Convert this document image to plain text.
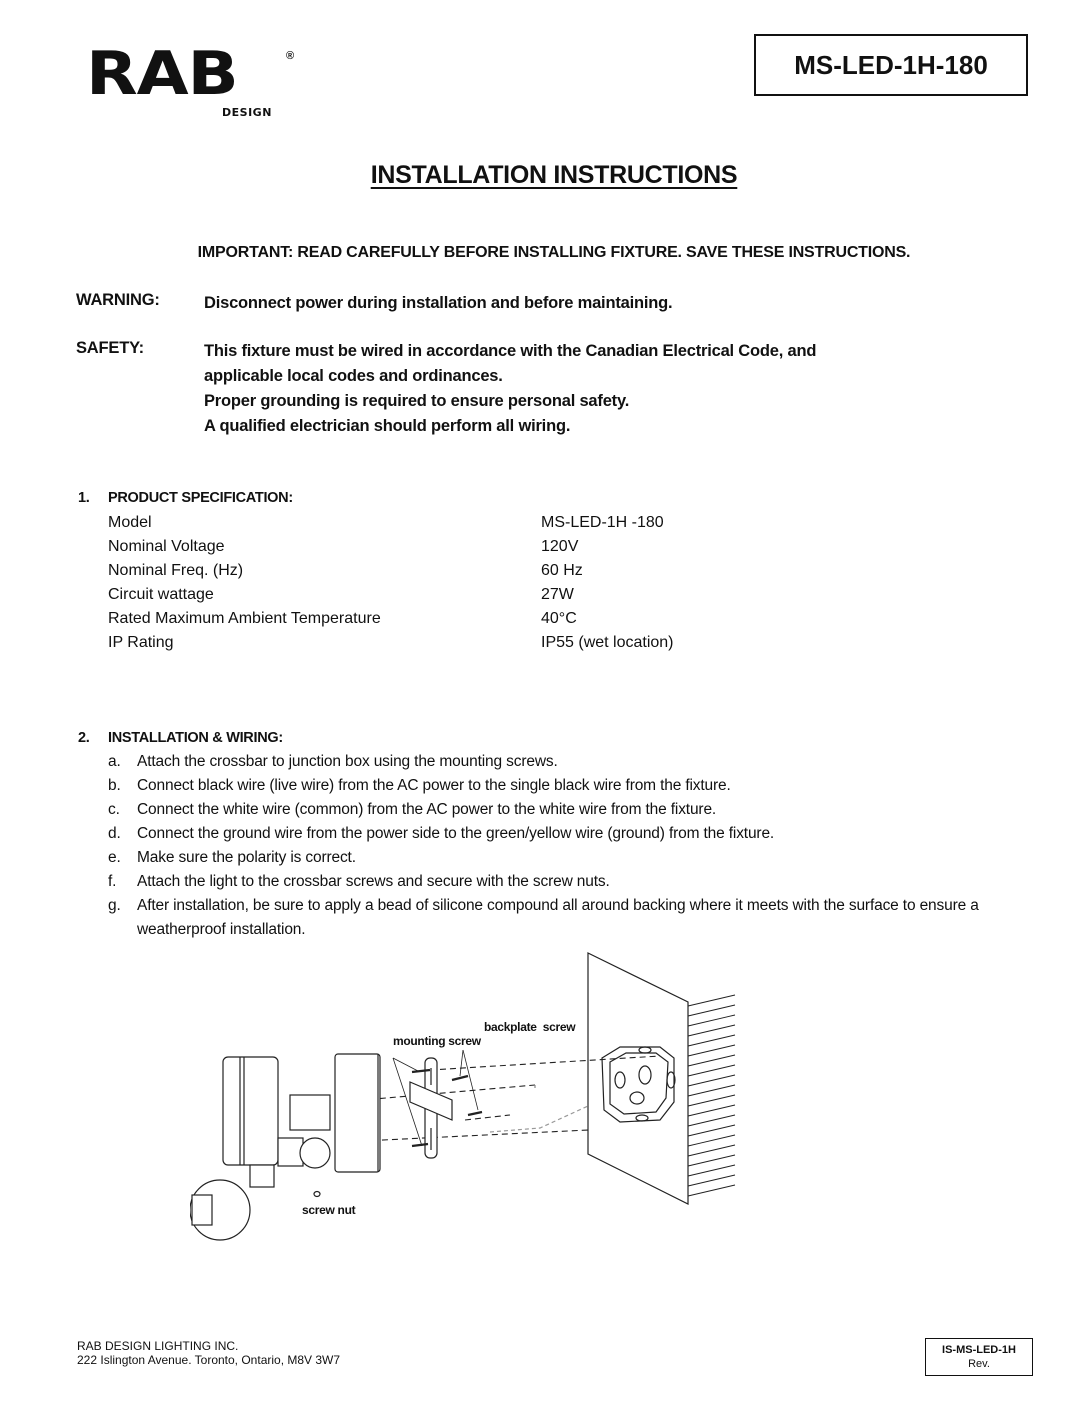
RAB	®
DESIGN
MS-LED-1H-180
INSTALLATION INSTRUCTIONS
IMPORTANT: READ CAREFULLY BEFORE INSTALLING FIXTURE. SAVE THESE INSTRUCTIONS.
WARNING:	Disconnect power during installation and before maintaining.
SAFETY:	This fixture must be wired in accordance with the Canadian Electrical Code, and
applicable local codes and ordinances.
Proper grounding is required to ensure personal safety.
A qualified electrician should perform all wiring.
1. PRODUCT SPECIFICATION:
Model	MS-LED-1H -180
Nominal Voltage	120V
Nominal Freq. (Hz)	60 Hz
Circuit wattage	27W
Rated Maximum Ambient Temperature	40°C
IP Rating	IP55 (wet location)
2. INSTALLATION & WIRING:
a. Attach the crossbar to junction box using the mounting screws.
b. Connect black wire (live wire) from the AC power to the single black wire from the fixture.
c. Connect the white wire (common) from the AC power to the white wire from the fixture.
d. Connect the ground wire from the power side to the green/yellow wire (ground) from the fixture.
e. Make sure the polarity is correct.
f. Attach the light to the crossbar screws and secure with the screw nuts.
g. After installation, be sure to apply a bead of silicone compound all around backing where it meets with the surface to ensure a weatherproof installation.
mounting screw
backplate  screw
screw nut
RAB DESIGN LIGHTING INC.
222 Islington Avenue. Toronto, Ontario, M8V 3W7
IS-MS-LED-1H
Rev.
